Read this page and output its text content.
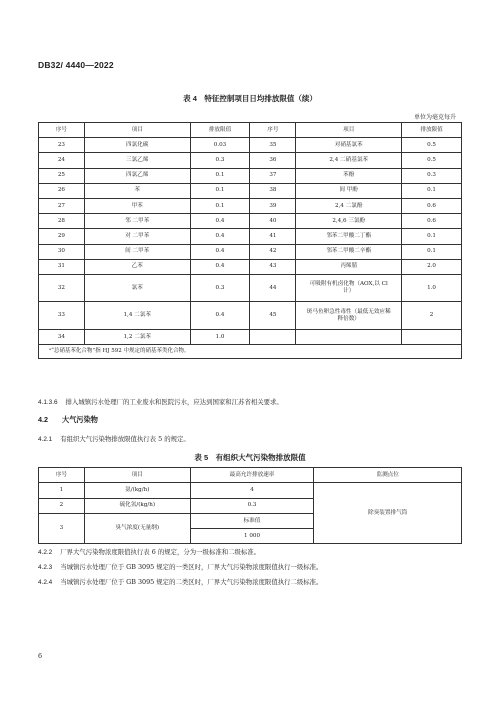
DB32/ 4440—2022
表 4　特征控制项目日均排放限值（续）
单位为毫克每升
序号	项目	排放限值	序号	项目	排放限值
23	四氯化碳	0.03	35	对硝基氯苯	0.5
24	三氯乙烯	0.3	36	2,4 二硝基氯苯	0.5
25	四氯乙烯	0.1	37	苯酚	0.3
26	苯	0.1	38	间 甲酚	0.1
27	甲苯	0.1	39	2,4 二氯酚	0.6
28	邻 二甲苯	0.4	40	2,4,6 三氯酚	0.6
29	对 二甲苯	0.4	41	邻苯二甲酸二丁酯	0.1
30	间 二甲苯	0.4	42	邻苯二甲酸二辛酯	0.1
31	乙苯	0.4	43	丙烯腈	2.0
32	氯苯	0.3	44	可吸附有机卤化物（AOX,以 Cl 计）	1.0
33	1,4 二氯苯	0.4	45	斑马鱼卵急性毒性（最低无效应稀释倍数）	2
34	1,2 二氯苯	1.0			
ᵃ“总硝基苯化合物”指 HJ 592 中规定的硝基苯类化合物。					
4.1.3.6 排入城镇污水处理厂的工业废水和医院污水，应达到国家和江苏省相关要求。
4.2 大气污染物
4.2.1 有组织大气污染物排放限值执行表 5 的规定。
表 5　有组织大气污染物排放限值
序号	项目	最高允许排放速率	监测点位
1	氨/(kg/h)	4	除臭装置排气筒
2	硫化氢/(kg/h)	0.3	
3	臭气浓度(无量纲)	标准值	
		1 000	
4.2.2 厂界大气污染物浓度限值执行表 6 的规定，分为一级标准和二级标准。
4.2.3 当城镇污水处理厂位于 GB 3095 规定的一类区时，厂界大气污染物浓度限值执行一级标准。
4.2.4 当城镇污水处理厂位于 GB 3095 规定的二类区时，厂界大气污染物浓度限值执行二级标准。
6
